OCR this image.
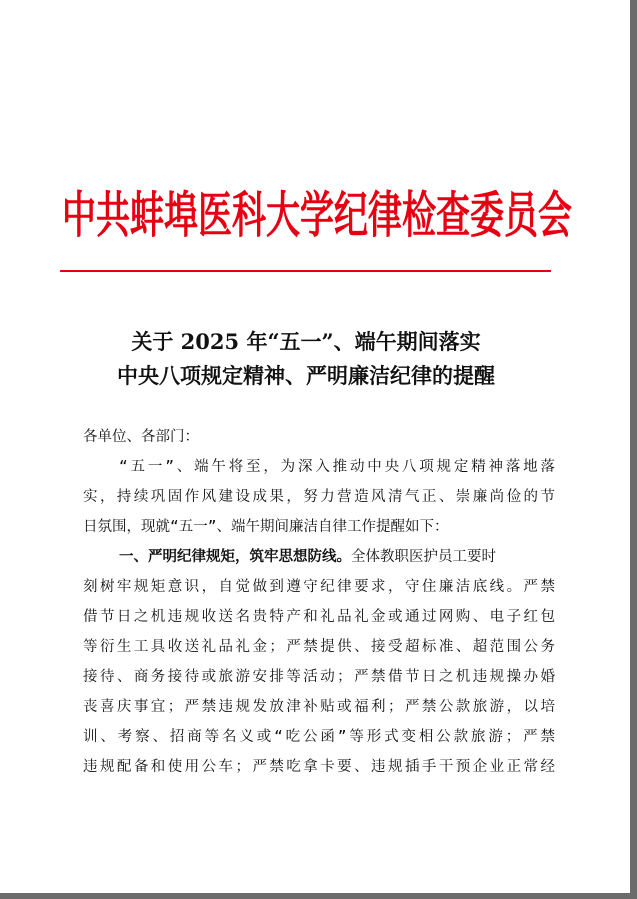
中共蚌埠医科大学纪律检查委员会
关于 2025 年“五一”、端午期间落实
中央八项规定精神、严明廉洁纪律的提醒
各单位、各部门：
“五一”、端午将至，为深入推动中央八项规定精神落地落
实，持续巩固作风建设成果，努力营造风清气正、崇廉尚俭的节
日氛围，现就“五一”、端午期间廉洁自律工作提醒如下：
一、严明纪律规矩，筑牢思想防线。全体教职医护员工要时
刻树牢规矩意识，自觉做到遵守纪律要求，守住廉洁底线。严禁
借节日之机违规收送名贵特产和礼品礼金或通过网购、电子红包
等衍生工具收送礼品礼金；严禁提供、接受超标准、超范围公务
接待、商务接待或旅游安排等活动；严禁借节日之机违规操办婚
丧喜庆事宜；严禁违规发放津补贴或福利；严禁公款旅游，以培
训、考察、招商等名义或“吃公函”等形式变相公款旅游；严禁
违规配备和使用公车；严禁吃拿卡要、违规插手干预企业正常经
